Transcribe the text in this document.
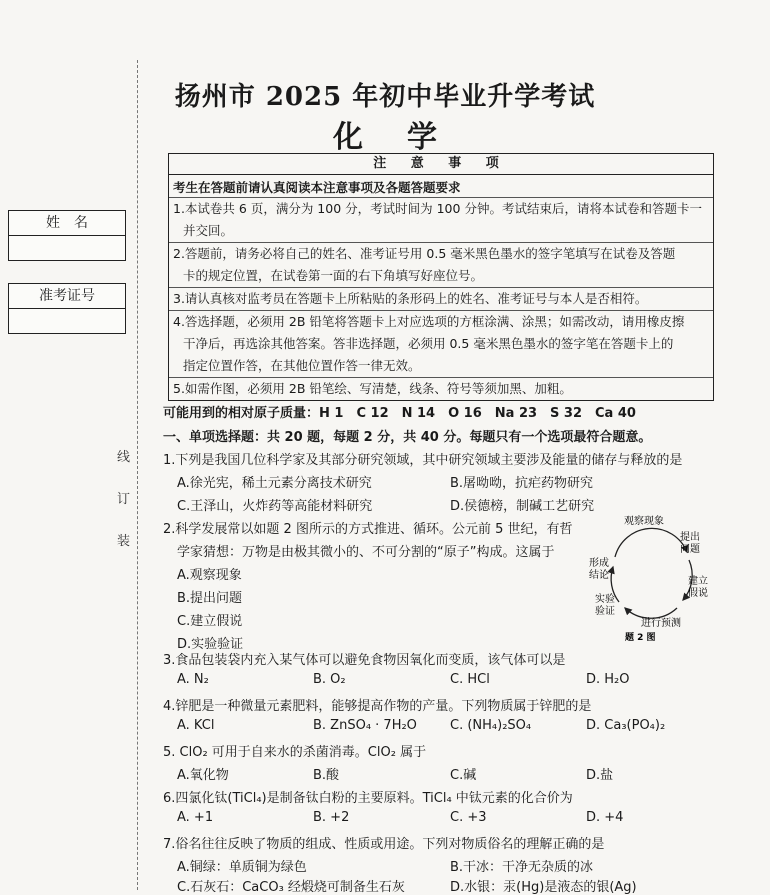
姓　名
准考证号
线
订
装
扬州市 2025 年初中毕业升学考试
化学
注 意 事 项
考生在答题前请认真阅读本注意事项及各题答题要求
1.本试卷共 6 页，满分为 100 分，考试时间为 100 分钟。考试结束后，请将本试卷和答题卡一
并交回。
2.答题前，请务必将自己的姓名、准考证号用 0.5 毫米黑色墨水的签字笔填写在试卷及答题
卡的规定位置，在试卷第一面的右下角填写好座位号。
3.请认真核对监考员在答题卡上所粘贴的条形码上的姓名、准考证号与本人是否相符。
4.答选择题，必须用 2B 铅笔将答题卡上对应选项的方框涂满、涂黑；如需改动，请用橡皮擦
干净后，再选涂其他答案。答非选择题，必须用 0.5 毫米黑色墨水的签字笔在答题卡上的
指定位置作答，在其他位置作答一律无效。
5.如需作图，必须用 2B 铅笔绘、写清楚，线条、符号等须加黑、加粗。
可能用到的相对原子质量：H 1　C 12　N 14　O 16　Na 23　S 32　Ca 40
一、单项选择题：共 20 题，每题 2 分，共 40 分。每题只有一个选项最符合题意。
1.下列是我国几位科学家及其部分研究领域，其中研究领域主要涉及能量的储存与释放的是
A.徐光宪，稀土元素分离技术研究	B.屠呦呦，抗疟药物研究
C.王泽山，火炸药等高能材料研究	D.侯德榜，制碱工艺研究
2.科学发展常以如题 2 图所示的方式推进、循环。公元前 5 世纪，有哲
学家猜想：万物是由极其微小的、不可分割的“原子”构成。这属于
A.观察现象
B.提出问题
C.建立假说
D.实验验证
观察现象
提出
问题
建立
假说
进行预测
实验
验证
形成
结论
题 2 图
3.食品包装袋内充入某气体可以避免食物因氧化而变质，该气体可以是
A. N₂	B. O₂	C. HCl	D. H₂O
4.锌肥是一种微量元素肥料，能够提高作物的产量。下列物质属于锌肥的是
A. KCl	B. ZnSO₄ · 7H₂O	C. (NH₄)₂SO₄	D. Ca₃(PO₄)₂
5. ClO₂ 可用于自来水的杀菌消毒。ClO₂ 属于
A.氧化物	B.酸	C.碱	D.盐
6.四氯化钛(TiCl₄)是制备钛白粉的主要原料。TiCl₄ 中钛元素的化合价为
A. +1	B. +2	C. +3	D. +4
7.俗名往往反映了物质的组成、性质或用途。下列对物质俗名的理解正确的是
A.铜绿：单质铜为绿色	B.干冰：干净无杂质的冰
C.石灰石：CaCO₃ 经煅烧可制备生石灰	D.水银：汞(Hg)是液态的银(Ag)
